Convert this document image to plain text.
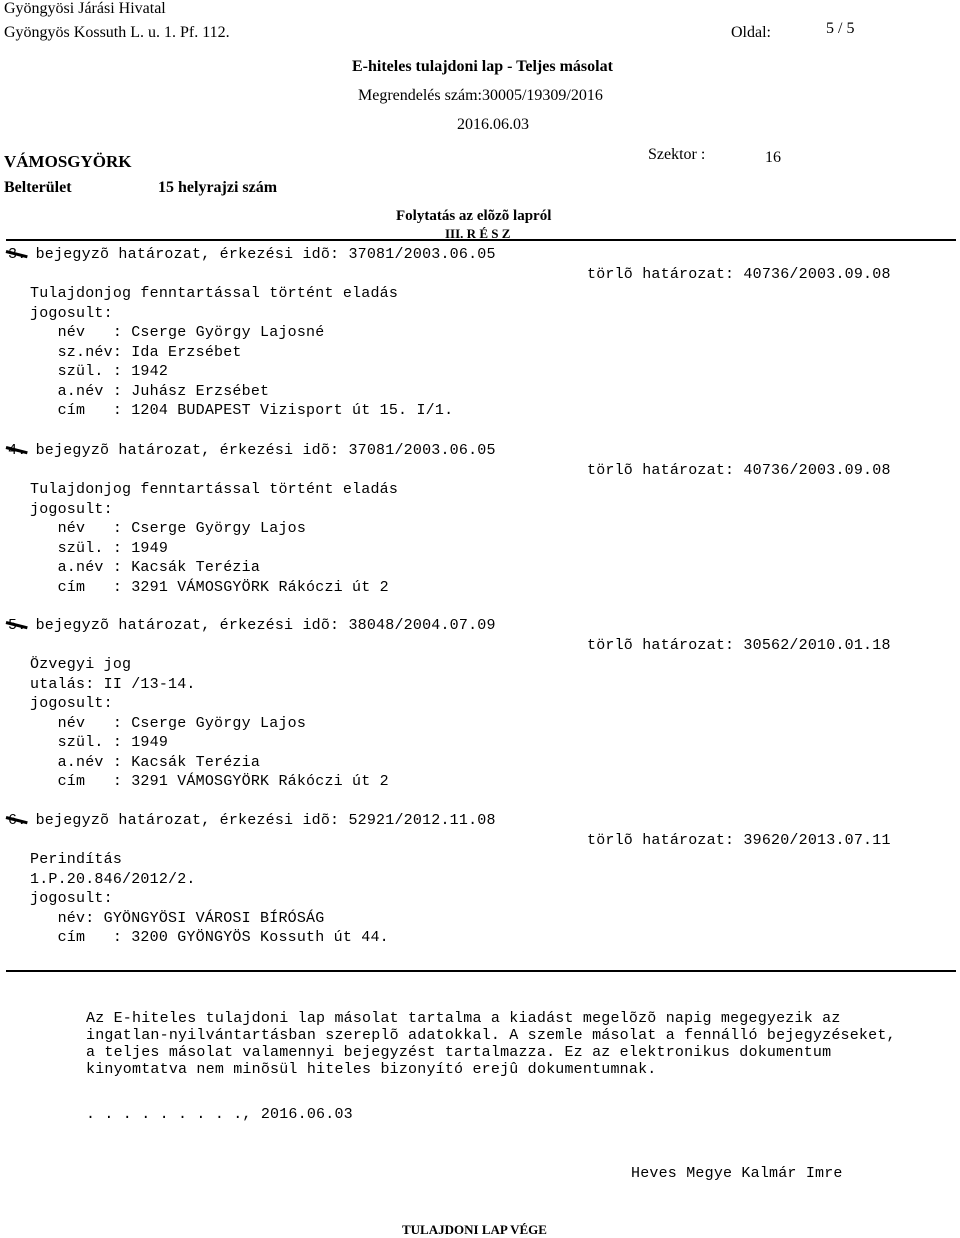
Gyöngyösi Járási Hivatal
Gyöngyös Kossuth L. u. 1. Pf. 112.	Oldal:	5 / 5
E-hiteles tulajdoni lap - Teljes másolat
Megrendelés szám:30005/19309/2016
2016.06.03
VÁMOSGYÖRK	Szektor :	16
Belterület	15 helyrajzi szám
Folytatás az elõzõ lapról
III. R É S Z
3. bejegyzõ határozat, érkezési idõ: 37081/2003.06.05
törlõ határozat: 40736/2003.09.08
Tulajdonjog fenntartással történt eladás
jogosult:
név   : Cserge György Lajosné
sz.név: Ida Erzsébet
szül. : 1942
a.név : Juhász Erzsébet
cím   : 1204 BUDAPEST Vizisport út 15. I/1.
4. bejegyzõ határozat, érkezési idõ: 37081/2003.06.05
törlõ határozat: 40736/2003.09.08
Tulajdonjog fenntartással történt eladás
jogosult:
név   : Cserge György Lajos
szül. : 1949
a.név : Kacsák Terézia
cím   : 3291 VÁMOSGYÖRK Rákóczi út 2
5. bejegyzõ határozat, érkezési idõ: 38048/2004.07.09
törlõ határozat: 30562/2010.01.18
Özvegyi jog
utalás: II /13-14.
jogosult:
név   : Cserge György Lajos
szül. : 1949
a.név : Kacsák Terézia
cím   : 3291 VÁMOSGYÖRK Rákóczi út 2
6. bejegyzõ határozat, érkezési idõ: 52921/2012.11.08
törlõ határozat: 39620/2013.07.11
Perindítás
1.P.20.846/2012/2.
jogosult:
név: GYÖNGYÖSI VÁROSI BÍRÓSÁG
cím   : 3200 GYÖNGYÖS Kossuth út 44.
Az E-hiteles tulajdoni lap másolat tartalma a kiadást megelõzõ napig megegyezik az
ingatlan-nyilvántartásban szereplõ adatokkal. A szemle másolat a fennálló bejegyzéseket,
a teljes másolat valamennyi bejegyzést tartalmazza. Ez az elektronikus dokumentum
kinyomtatva nem minõsül hiteles bizonyító erejû dokumentumnak.
. . . . . . . . ., 2016.06.03
Heves Megye Kalmár Imre
TULAJDONI LAP VÉGE
